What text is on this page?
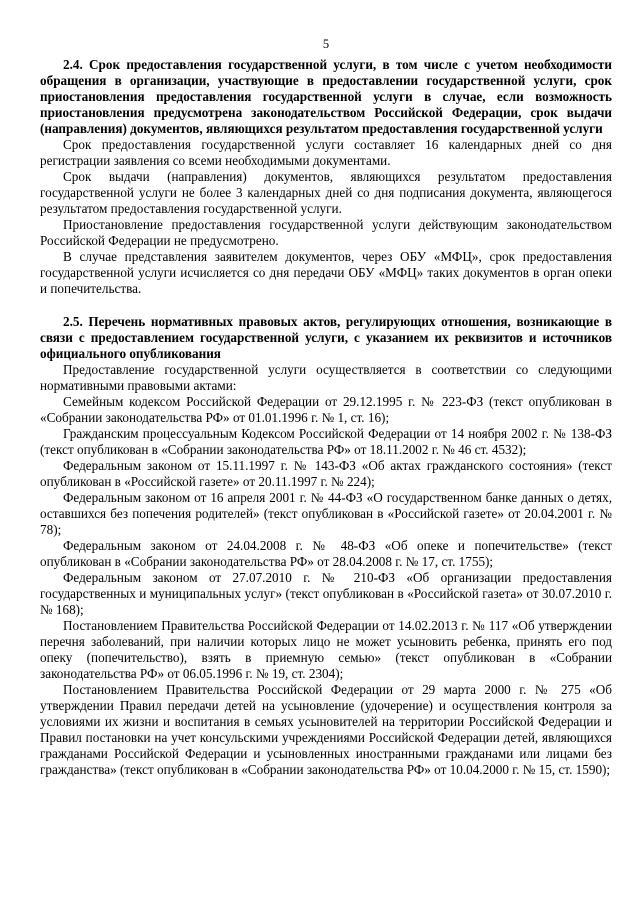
5

2.4. Срок предоставления государственной услуги, в том числе с учетом необходимости обращения в организации, участвующие в предоставлении государственной услуги, срок приостановления предоставления государственной услуги в случае, если возможность приостановления предусмотрена законодательством Российской Федерации, срок выдачи (направления) документов, являющихся результатом предоставления государственной услуги

Срок предоставления государственной услуги составляет 16 календарных дней со дня регистрации заявления со всеми необходимыми документами.

Срок выдачи (направления) документов, являющихся результатом предоставления государственной услуги не более 3 календарных дней со дня подписания документа, являющегося результатом предоставления государственной услуги.

Приостановление предоставления государственной услуги действующим законодательством Российской Федерации не предусмотрено.

В случае представления заявителем документов, через ОБУ «МФЦ», срок предоставления государственной услуги исчисляется со дня передачи ОБУ «МФЦ» таких документов в орган опеки и попечительства.

2.5. Перечень нормативных правовых актов, регулирующих отношения, возникающие в связи с предоставлением государственной услуги, с указанием их реквизитов и источников официального опубликования

Предоставление государственной услуги осуществляется в соответствии со следующими нормативными правовыми актами:

Семейным кодексом Российской Федерации от 29.12.1995 г. № 223-ФЗ (текст опубликован в «Собрании законодательства РФ» от 01.01.1996 г. № 1, ст. 16);

Гражданским процессуальным Кодексом Российской Федерации от 14 ноября 2002 г. № 138-ФЗ (текст опубликован в «Собрании законодательства РФ» от 18.11.2002 г. № 46 ст. 4532);

Федеральным законом от 15.11.1997 г. № 143-ФЗ «Об актах гражданского состояния» (текст опубликован в «Российской газете» от 20.11.1997 г. № 224);

Федеральным законом от 16 апреля 2001 г. № 44-ФЗ «О государственном банке данных о детях, оставшихся без попечения родителей» (текст опубликован в «Российской газете» от 20.04.2001 г. № 78);

Федеральным законом от 24.04.2008 г. № 48-ФЗ «Об опеке и попечительстве» (текст опубликован в «Собрании законодательства РФ» от 28.04.2008 г. № 17, ст. 1755);

Федеральным законом от 27.07.2010 г. № 210-ФЗ «Об организации предоставления государственных и муниципальных услуг» (текст опубликован в «Российской газета» от 30.07.2010 г. № 168);

Постановлением Правительства Российской Федерации от 14.02.2013 г. № 117 «Об утверждении перечня заболеваний, при наличии которых лицо не может усыновить ребенка, принять его под опеку (попечительство), взять в приемную семью» (текст опубликован в «Собрании законодательства РФ» от 06.05.1996 г. № 19, ст. 2304);

Постановлением Правительства Российской Федерации от 29 марта 2000 г. № 275 «Об утверждении Правил передачи детей на усыновление (удочерение) и осуществления контроля за условиями их жизни и воспитания в семьях усыновителей на территории Российской Федерации и Правил постановки на учет консульскими учреждениями Российской Федерации детей, являющихся гражданами Российской Федерации и усыновленных иностранными гражданами или лицами без гражданства» (текст опубликован в «Собрании законодательства РФ» от 10.04.2000 г. № 15, ст. 1590);
